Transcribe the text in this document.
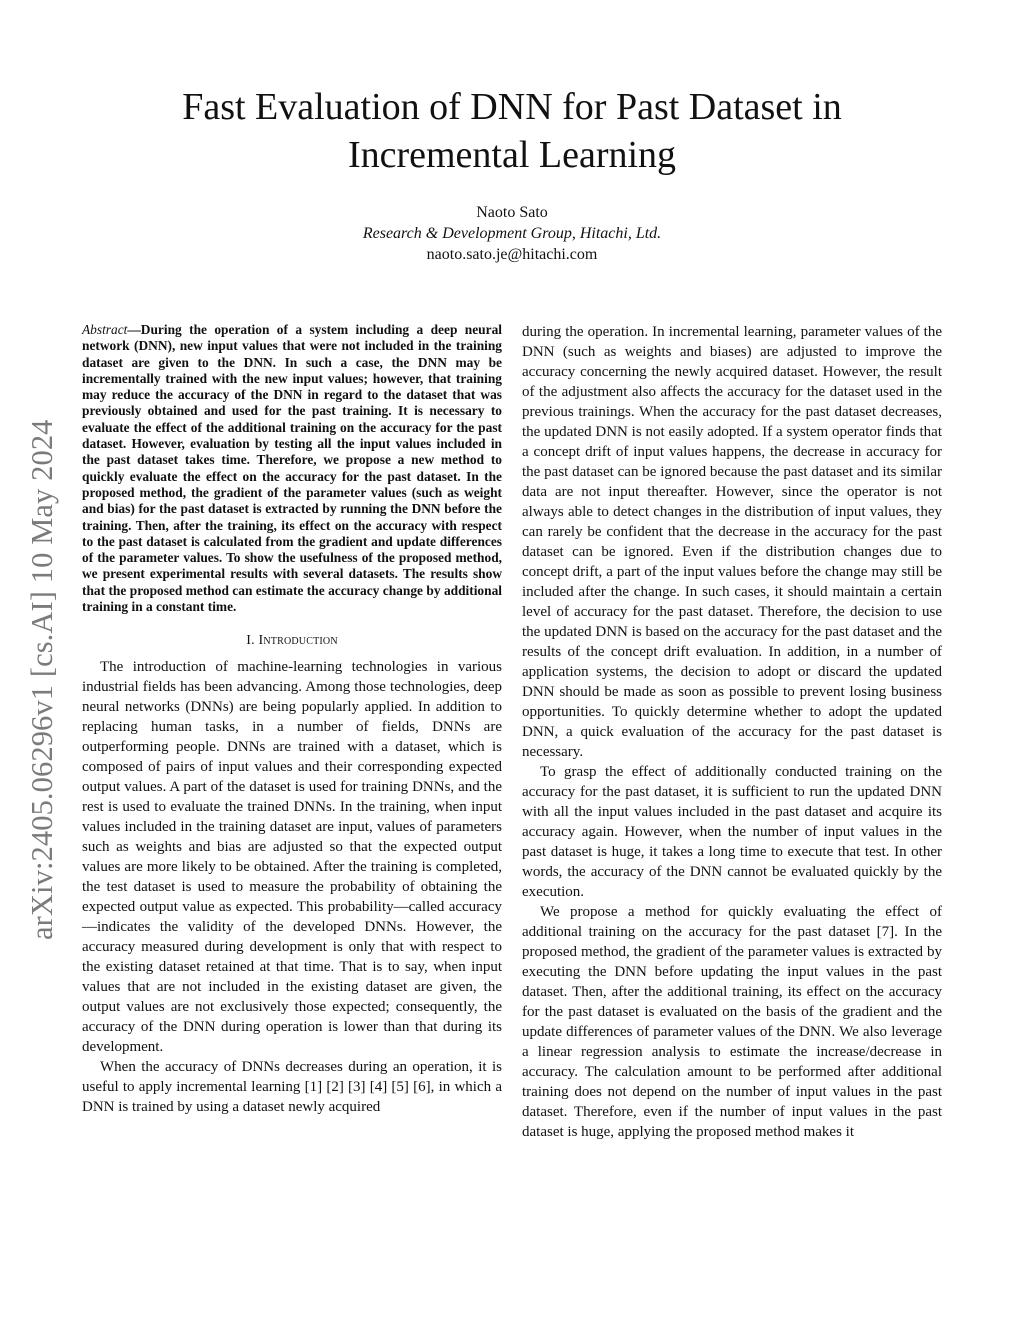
arXiv:2405.06296v1 [cs.AI] 10 May 2024
Fast Evaluation of DNN for Past Dataset in Incremental Learning
Naoto Sato
Research & Development Group, Hitachi, Ltd.
naoto.sato.je@hitachi.com

Abstract—During the operation of a system including a deep neural network (DNN), new input values that were not included in the training dataset are given to the DNN. In such a case, the DNN may be incrementally trained with the new input values; however, that training may reduce the accuracy of the DNN in regard to the dataset that was previously obtained and used for the past training. It is necessary to evaluate the effect of the additional training on the accuracy for the past dataset. However, evaluation by testing all the input values included in the past dataset takes time. Therefore, we propose a new method to quickly evaluate the effect on the accuracy for the past dataset. In the proposed method, the gradient of the parameter values (such as weight and bias) for the past dataset is extracted by running the DNN before the training. Then, after the training, its effect on the accuracy with respect to the past dataset is calculated from the gradient and update differences of the parameter values. To show the usefulness of the proposed method, we present experimental results with several datasets. The results show that the proposed method can estimate the accuracy change by additional training in a constant time.

I. Introduction

The introduction of machine-learning technologies in various industrial fields has been advancing. Among those technologies, deep neural networks (DNNs) are being popularly applied. In addition to replacing human tasks, in a number of fields, DNNs are outperforming people. DNNs are trained with a dataset, which is composed of pairs of input values and their corresponding expected output values. A part of the dataset is used for training DNNs, and the rest is used to evaluate the trained DNNs. In the training, when input values included in the training dataset are input, values of parameters such as weights and bias are adjusted so that the expected output values are more likely to be obtained. After the training is completed, the test dataset is used to measure the probability of obtaining the expected output value as expected. This probability—called accuracy—indicates the validity of the developed DNNs. However, the accuracy measured during development is only that with respect to the existing dataset retained at that time. That is to say, when input values that are not included in the existing dataset are given, the output values are not exclusively those expected; consequently, the accuracy of the DNN during operation is lower than that during its development.

When the accuracy of DNNs decreases during an operation, it is useful to apply incremental learning [1] [2] [3] [4] [5] [6], in which a DNN is trained by using a dataset newly acquired

during the operation. In incremental learning, parameter values of the DNN (such as weights and biases) are adjusted to improve the accuracy concerning the newly acquired dataset. However, the result of the adjustment also affects the accuracy for the dataset used in the previous trainings. When the accuracy for the past dataset decreases, the updated DNN is not easily adopted. If a system operator finds that a concept drift of input values happens, the decrease in accuracy for the past dataset can be ignored because the past dataset and its similar data are not input thereafter. However, since the operator is not always able to detect changes in the distribution of input values, they can rarely be confident that the decrease in the accuracy for the past dataset can be ignored. Even if the distribution changes due to concept drift, a part of the input values before the change may still be included after the change. In such cases, it should maintain a certain level of accuracy for the past dataset. Therefore, the decision to use the updated DNN is based on the accuracy for the past dataset and the results of the concept drift evaluation. In addition, in a number of application systems, the decision to adopt or discard the updated DNN should be made as soon as possible to prevent losing business opportunities. To quickly determine whether to adopt the updated DNN, a quick evaluation of the accuracy for the past dataset is necessary.

To grasp the effect of additionally conducted training on the accuracy for the past dataset, it is sufficient to run the updated DNN with all the input values included in the past dataset and acquire its accuracy again. However, when the number of input values in the past dataset is huge, it takes a long time to execute that test. In other words, the accuracy of the DNN cannot be evaluated quickly by the execution.

We propose a method for quickly evaluating the effect of additional training on the accuracy for the past dataset [7]. In the proposed method, the gradient of the parameter values is extracted by executing the DNN before updating the input values in the past dataset. Then, after the additional training, its effect on the accuracy for the past dataset is evaluated on the basis of the gradient and the update differences of parameter values of the DNN. We also leverage a linear regression analysis to estimate the increase/decrease in accuracy. The calculation amount to be performed after additional training does not depend on the number of input values in the past dataset. Therefore, even if the number of input values in the past dataset is huge, applying the proposed method makes it
